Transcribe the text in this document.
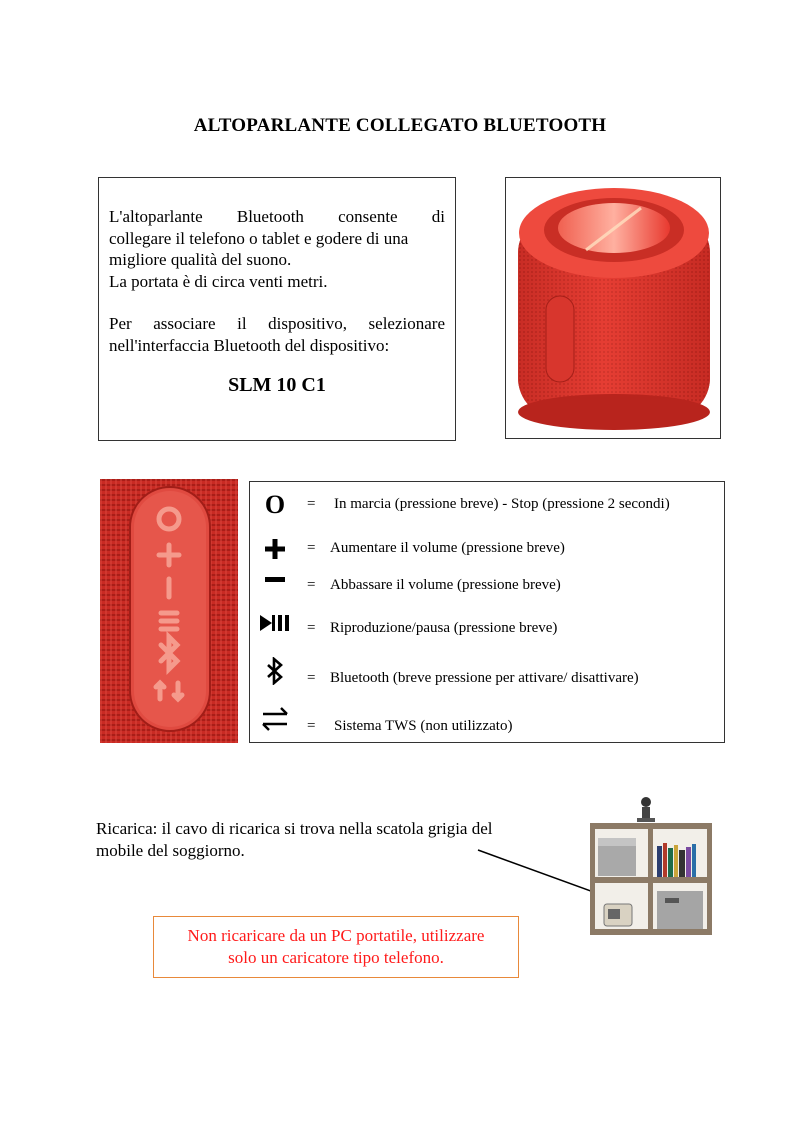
ALTOPARLANTE COLLEGATO BLUETOOTH

L'altoparlante Bluetooth consente di

collegare il telefono o tablet e godere di una

migliore qualità del suono.

La portata è di circa venti metri.

Per associare il dispositivo, selezionare

nell'interfaccia Bluetooth del dispositivo:

SLM 10 C1
O = In marcia (pressione breve) - Stop (pressione 2 secondi)
= Aumentare il volume (pressione breve)
= Abbassare il volume (pressione breve)
= Riproduzione/pausa (pressione breve)
= Bluetooth (breve pressione per attivare/ disattivare)
= Sistema TWS (non utilizzato)
Ricarica: il cavo di ricarica si trova nella scatola grigia del
mobile del soggiorno.
Non ricaricare da un PC portatile, utilizzare
solo un caricatore tipo telefono.
